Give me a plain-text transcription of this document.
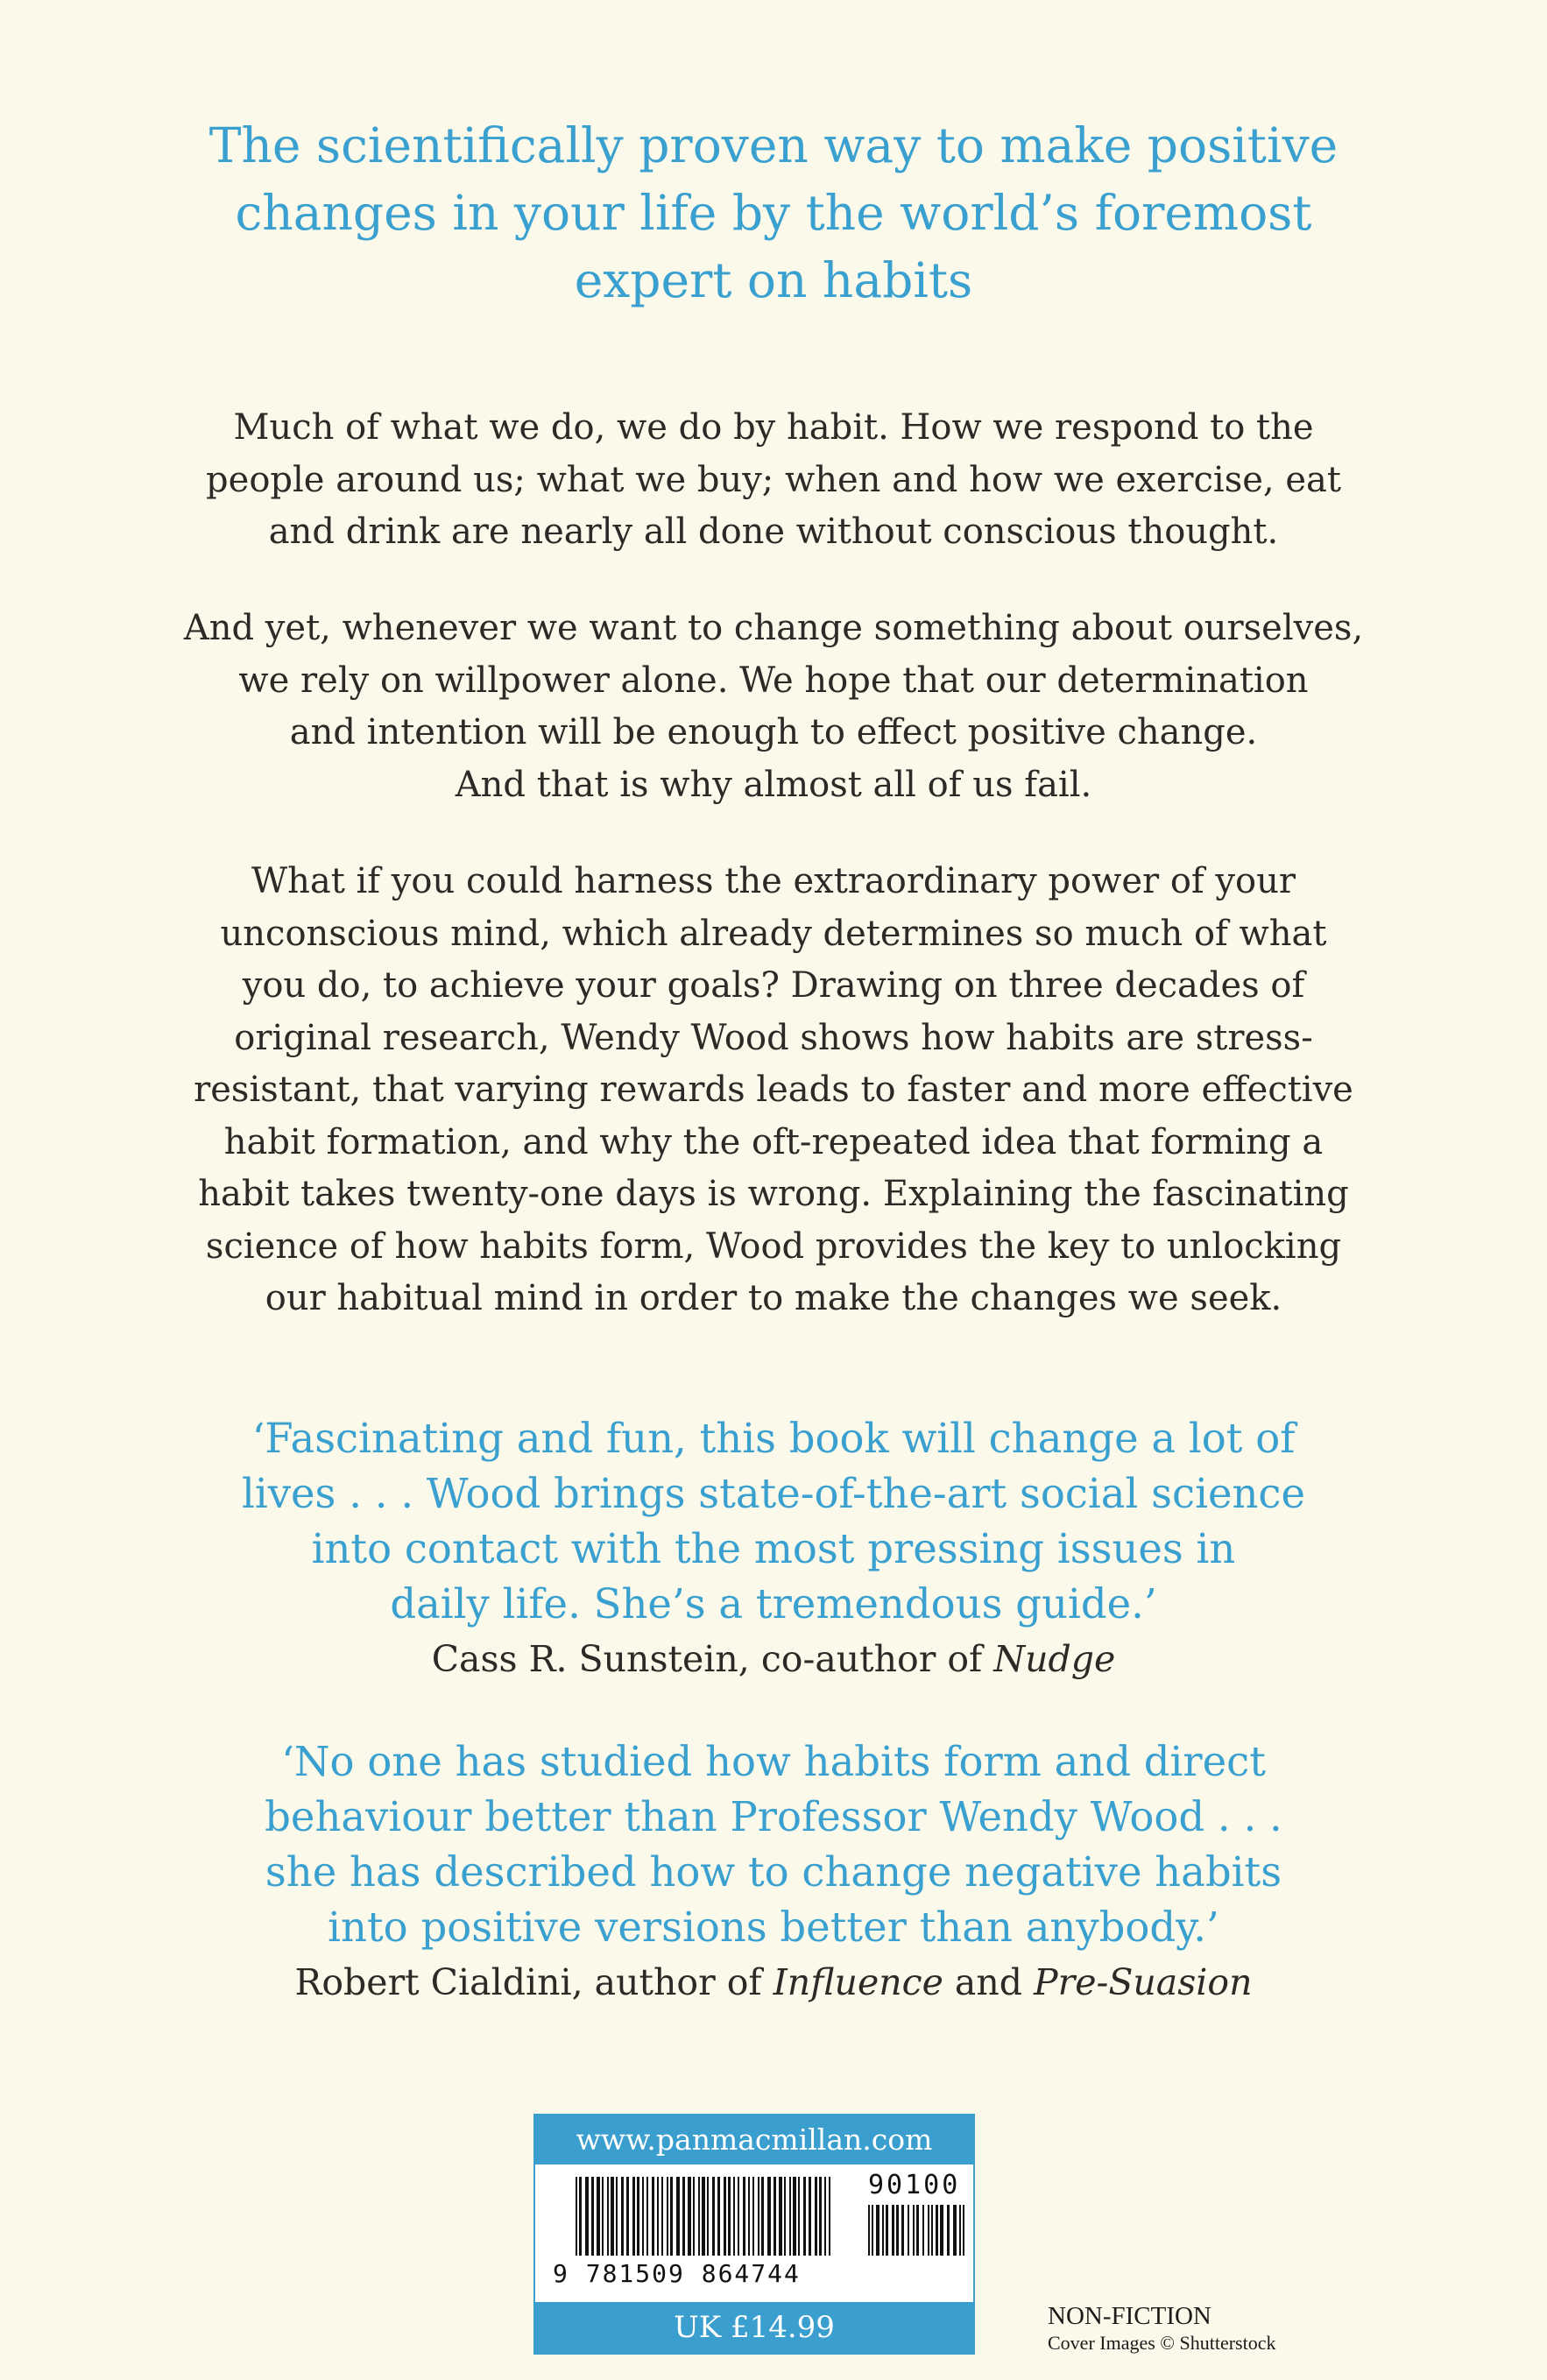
The scientifically proven way to make positive
changes in your life by the world’s foremost
expert on habits
Much of what we do, we do by habit. How we respond to the
people around us; what we buy; when and how we exercise, eat
and drink are nearly all done without conscious thought.
And yet, whenever we want to change something about ourselves,
we rely on willpower alone. We hope that our determination
and intention will be enough to effect positive change.
And that is why almost all of us fail.
What if you could harness the extraordinary power of your
unconscious mind, which already determines so much of what
you do, to achieve your goals? Drawing on three decades of
original research, Wendy Wood shows how habits are stress-
resistant, that varying rewards leads to faster and more effective
habit formation, and why the oft-repeated idea that forming a
habit takes twenty-one days is wrong. Explaining the fascinating
science of how habits form, Wood provides the key to unlocking
our habitual mind in order to make the changes we seek.
‘Fascinating and fun, this book will change a lot of
lives . . . Wood brings state-of-the-art social science
into contact with the most pressing issues in
daily life. She’s a tremendous guide.’
Cass R. Sunstein, co-author of Nudge
‘No one has studied how habits form and direct
behaviour better than Professor Wendy Wood . . .
she has described how to change negative habits
into positive versions better than anybody.’
Robert Cialdini, author of Influence and Pre-Suasion
www.panmacmillan.com
90100
9 781509 864744
UK £14.99	NON-FICTION
Cover Images © Shutterstock
